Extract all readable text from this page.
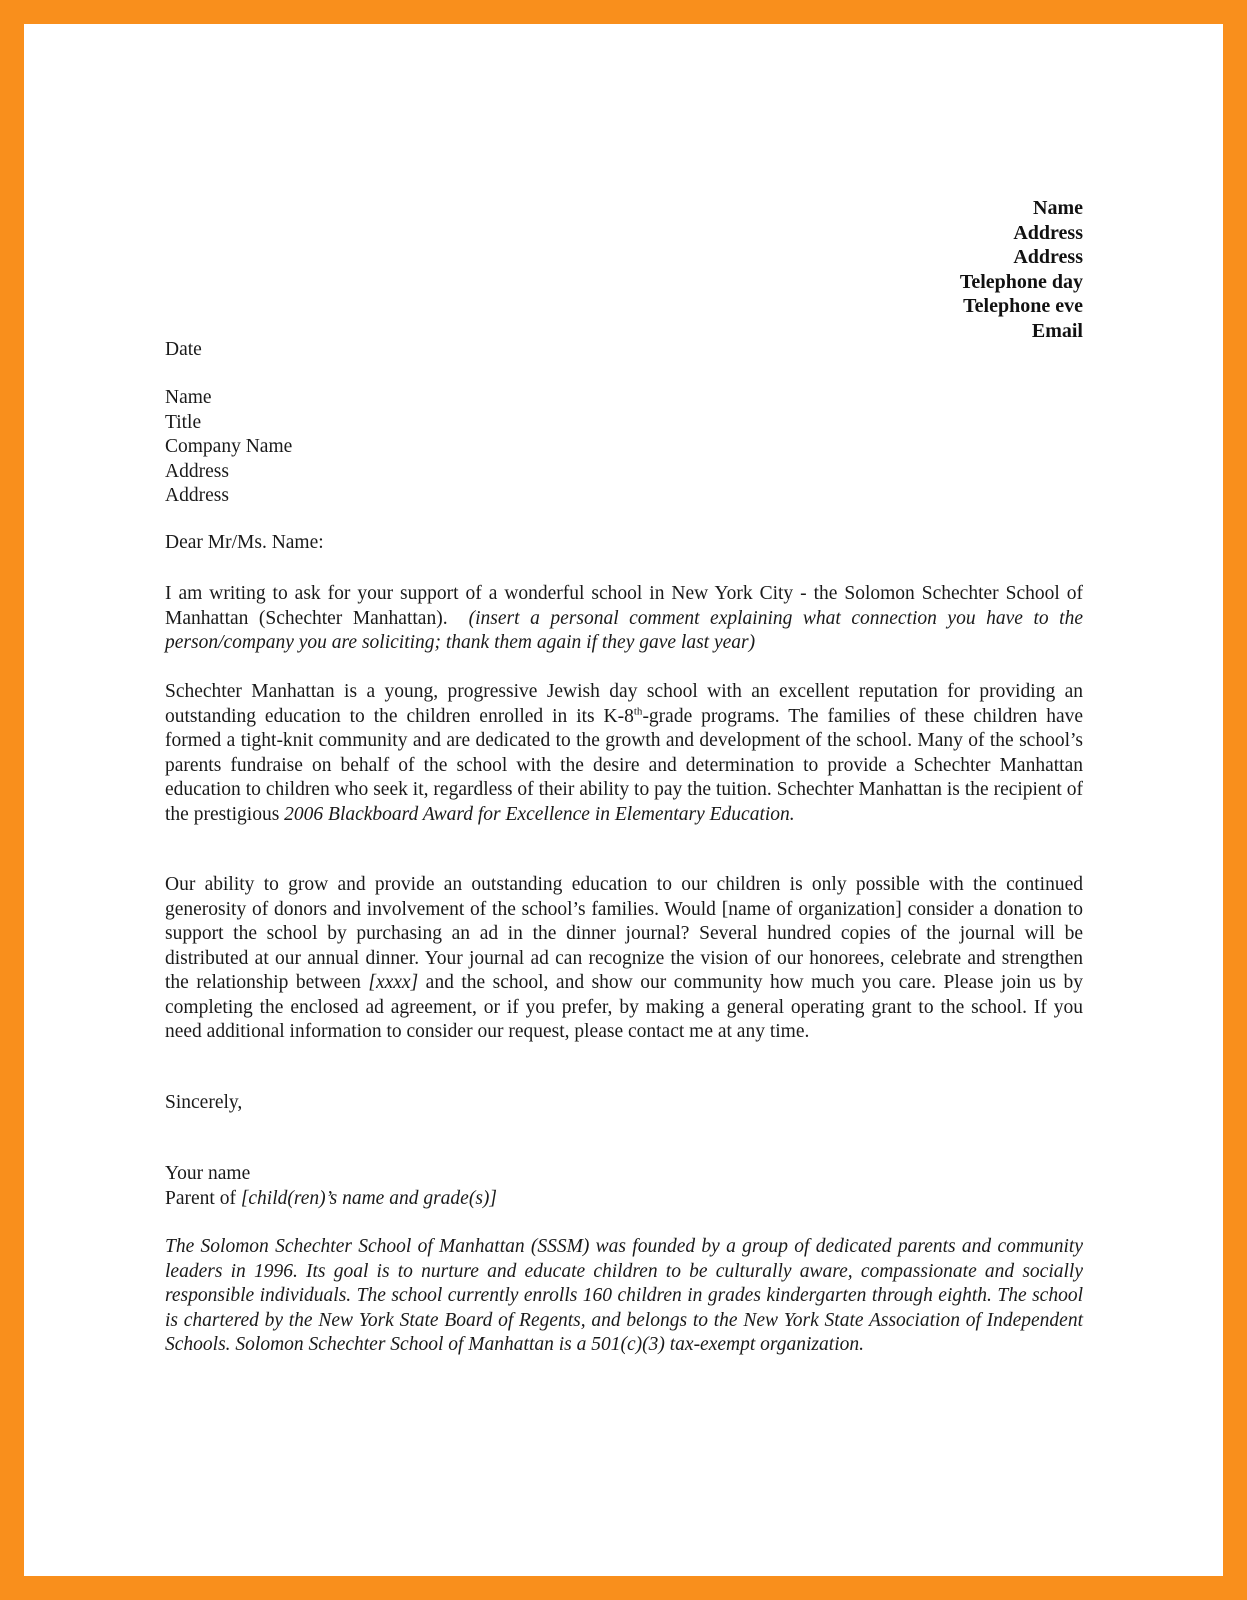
Name
Address
Address
Telephone day
Telephone eve
Email
Date
Name
Title
Company Name
Address
Address
Dear Mr/Ms. Name:
I am writing to ask for your support of a wonderful school in New York City - the Solomon Schechter School of Manhattan (Schechter Manhattan). (insert a personal comment explaining what connection you have to the person/company you are soliciting; thank them again if they gave last year)
Schechter Manhattan is a young, progressive Jewish day school with an excellent reputation for providing an outstanding education to the children enrolled in its K-8th-grade programs. The families of these children have formed a tight-knit community and are dedicated to the growth and development of the school. Many of the school’s parents fundraise on behalf of the school with the desire and determination to provide a Schechter Manhattan education to children who seek it, regardless of their ability to pay the tuition. Schechter Manhattan is the recipient of the prestigious 2006 Blackboard Award for Excellence in Elementary Education.
Our ability to grow and provide an outstanding education to our children is only possible with the continued generosity of donors and involvement of the school’s families. Would [name of organization] consider a donation to support the school by purchasing an ad in the dinner journal? Several hundred copies of the journal will be distributed at our annual dinner. Your journal ad can recognize the vision of our honorees, celebrate and strengthen the relationship between [xxxx] and the school, and show our community how much you care. Please join us by completing the enclosed ad agreement, or if you prefer, by making a general operating grant to the school. If you need additional information to consider our request, please contact me at any time.
Sincerely,
Your name
Parent of [child(ren)’s name and grade(s)]
The Solomon Schechter School of Manhattan (SSSM) was founded by a group of dedicated parents and community leaders in 1996. Its goal is to nurture and educate children to be culturally aware, compassionate and socially responsible individuals. The school currently enrolls 160 children in grades kindergarten through eighth. The school is chartered by the New York State Board of Regents, and belongs to the New York State Association of Independent Schools. Solomon Schechter School of Manhattan is a 501(c)(3) tax-exempt organization.
